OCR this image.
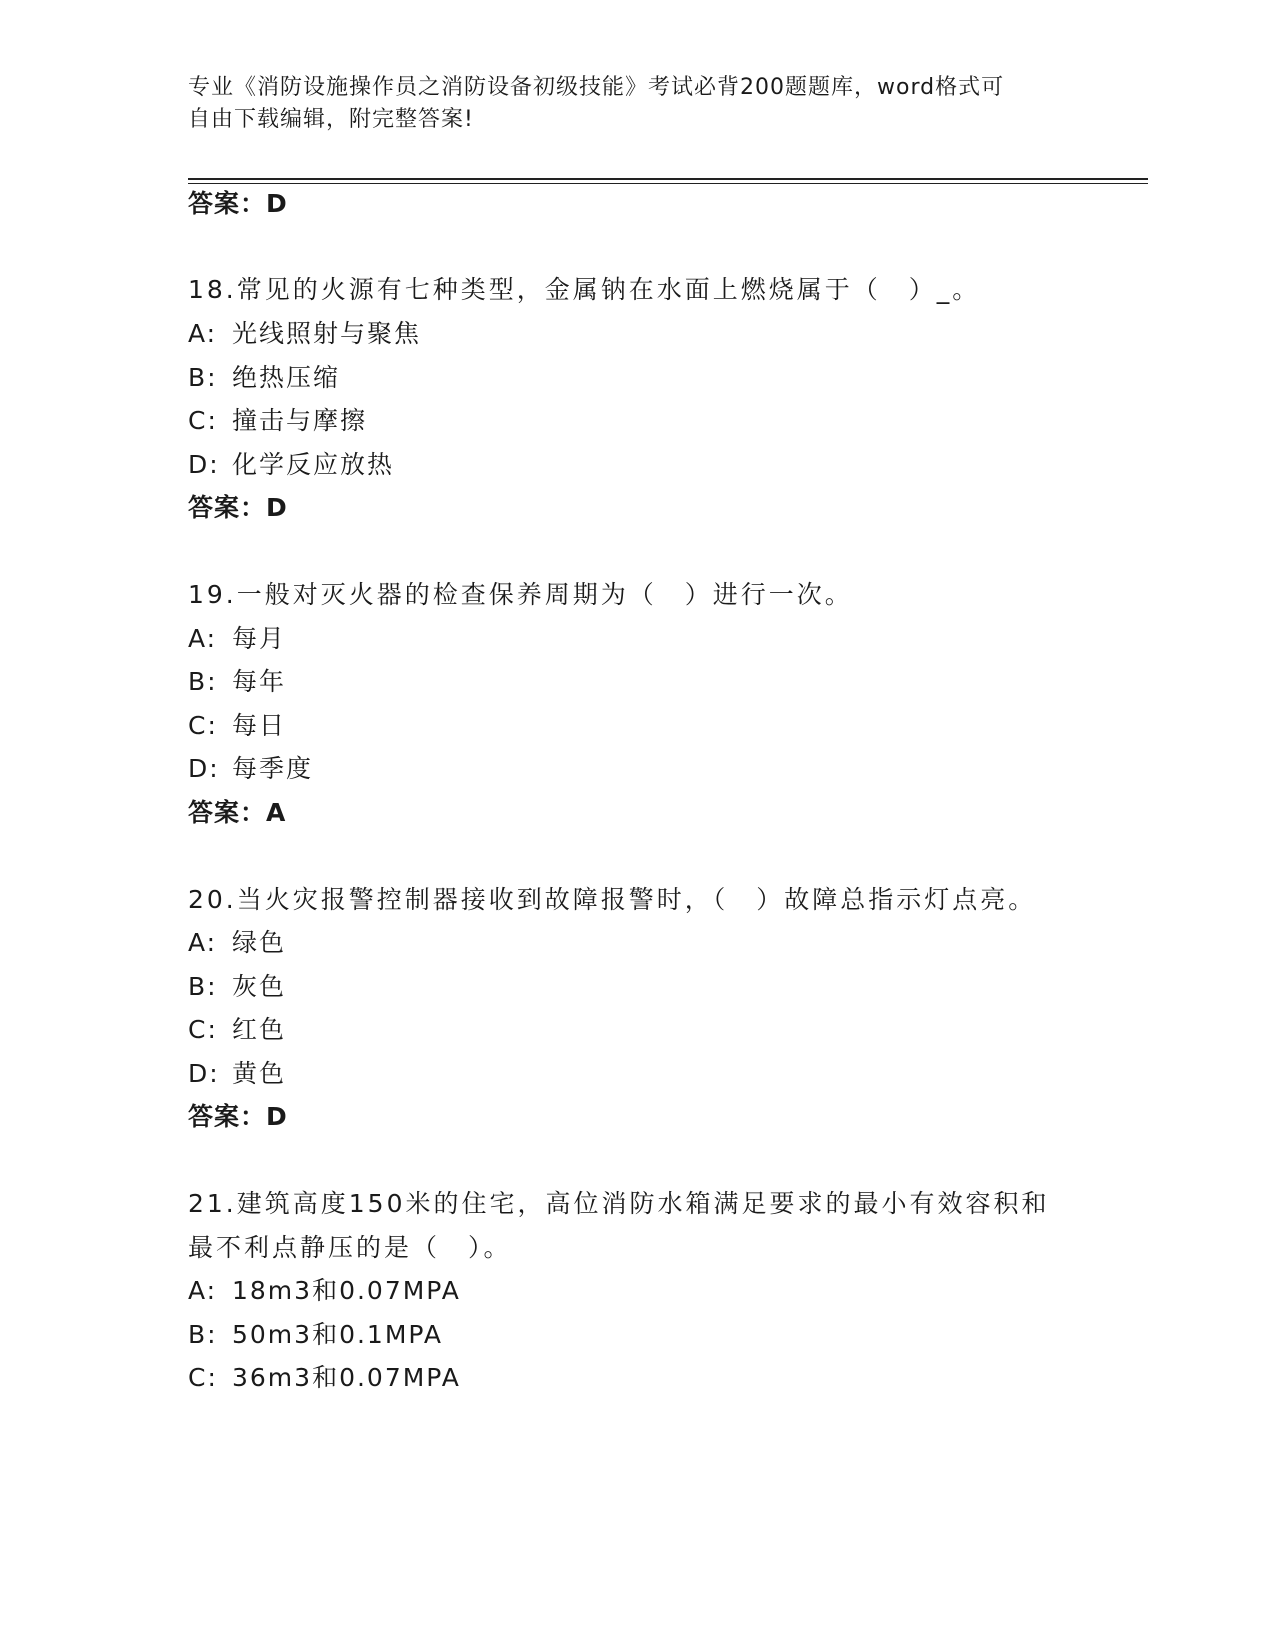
专业《消防设施操作员之消防设备初级技能》考试必背200题题库，word格式可
自由下载编辑，附完整答案!
答案：D
18.常见的火源有七种类型，金属钠在水面上燃烧属于（　）_。
A: 光线照射与聚焦
B: 绝热压缩
C: 撞击与摩擦
D: 化学反应放热
答案：D
19.一般对灭火器的检查保养周期为（　）进行一次。
A: 每月
B: 每年
C: 每日
D: 每季度
答案：A
20.当火灾报警控制器接收到故障报警时，（　）故障总指示灯点亮。
A: 绿色
B: 灰色
C: 红色
D: 黄色
答案：D
21.建筑高度150米的住宅，高位消防水箱满足要求的最小有效容积和
最不利点静压的是（　）。
A: 18m3和0.07MPA
B: 50m3和0.1MPA
C: 36m3和0.07MPA
